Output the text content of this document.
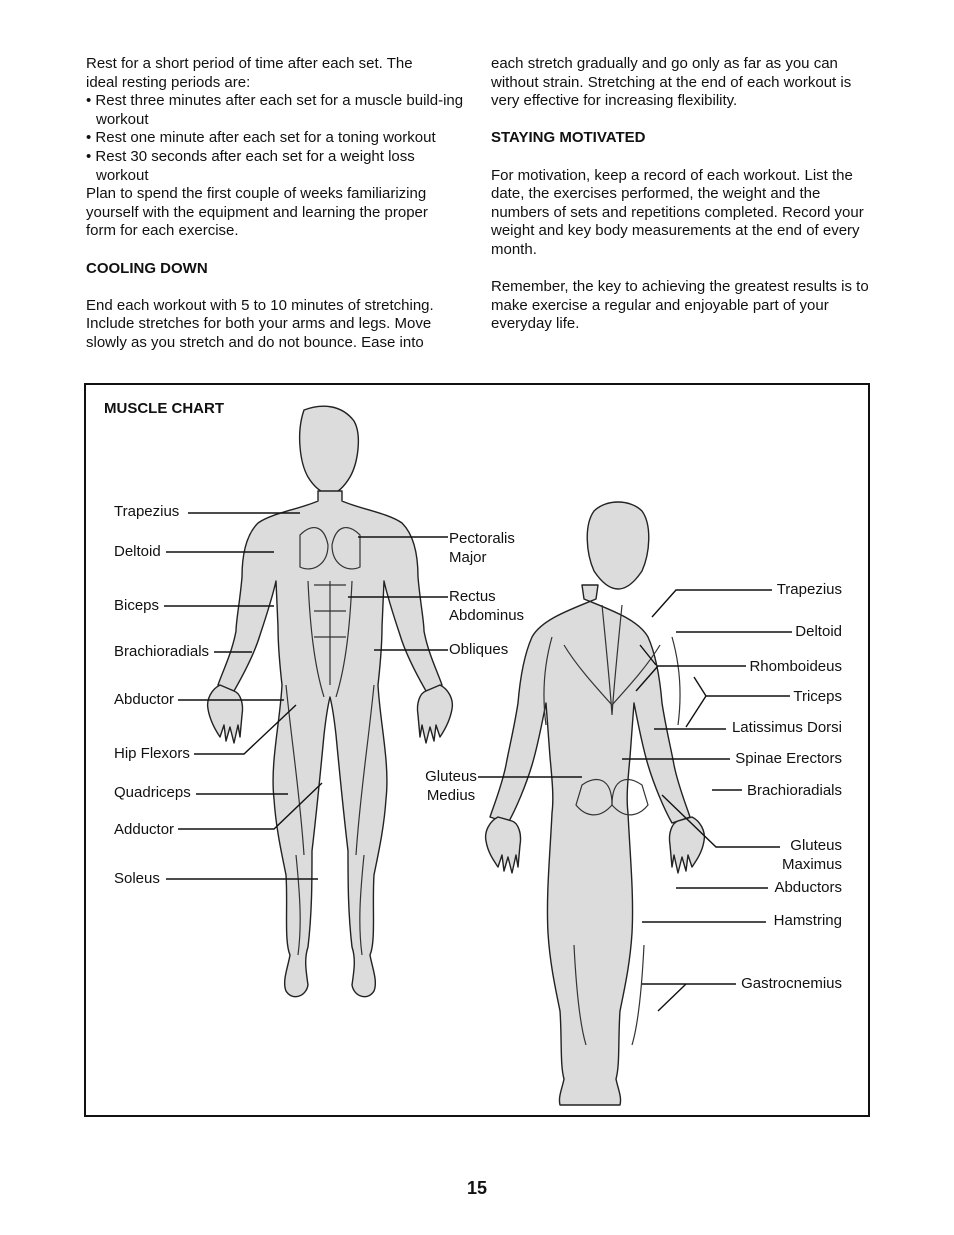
Rest for a short period of time after each set. The ideal resting periods are:

• Rest three minutes after each set for a muscle build-ing workout

• Rest one minute after each set for a toning workout

• Rest 30 seconds after each set for a weight loss workout

Plan to spend the first couple of weeks familiarizing yourself with the equipment and learning the proper form for each exercise.

COOLING DOWN

End each workout with 5 to 10 minutes of stretching. Include stretches for both your arms and legs. Move slowly as you stretch and do not bounce. Ease into

each stretch gradually and go only as far as you can without strain. Stretching at the end of each workout is very effective for increasing flexibility.

STAYING MOTIVATED

For motivation, keep a record of each workout. List the date, the exercises performed, the weight and the numbers of sets and repetitions completed. Record your weight and key body measurements at the end of every month.

Remember, the key to achieving the greatest results is to make exercise a regular and enjoyable part of your everyday life.

MUSCLE CHART
Trapezius
Deltoid
Biceps
Brachioradials
Abductor
Hip Flexors
Quadriceps
Adductor
Soleus
Pectoralis Major
Rectus Abdominus
Obliques
Gluteus Medius
Trapezius
Deltoid
Rhomboideus
Triceps
Latissimus Dorsi
Spinae Erectors
Brachioradials
Gluteus Maximus
Abductors
Hamstring
Gastrocnemius
15
